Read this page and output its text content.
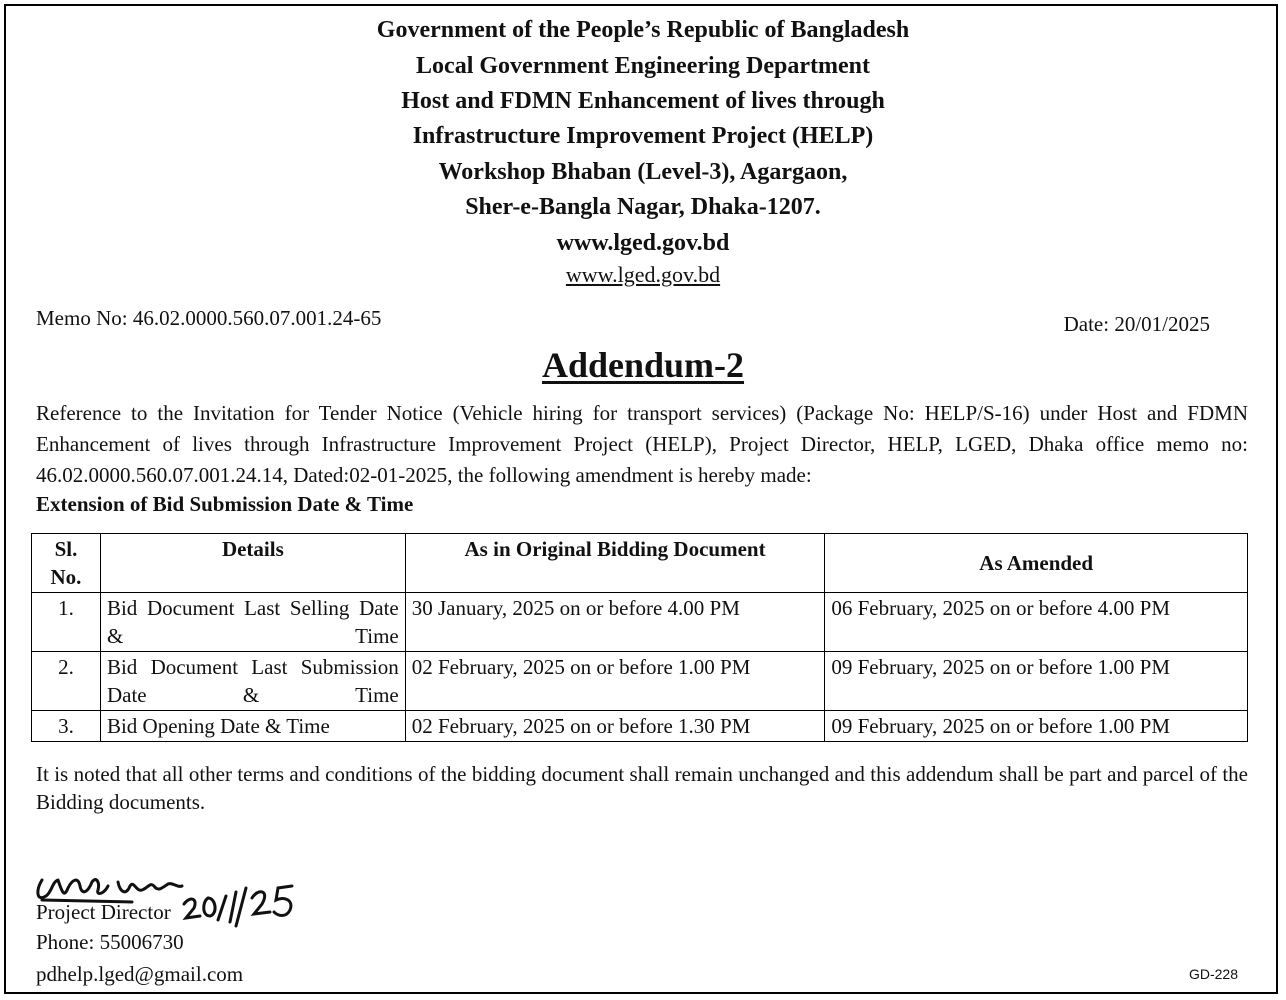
Government of the People’s Republic of Bangladesh
Local Government Engineering Department
Host and FDMN Enhancement of lives through
Infrastructure Improvement Project (HELP)
Workshop Bhaban (Level-3), Agargaon,
Sher-e-Bangla Nagar, Dhaka-1207.
www.lged.gov.bd
www.lged.gov.bd
Memo No: 46.02.0000.560.07.001.24-65	Date: 20/01/2025
Addendum-2
Reference to the Invitation for Tender Notice (Vehicle hiring for transport services) (Package No: HELP/S-16) under Host and FDMN Enhancement of lives through Infrastructure Improvement Project (HELP), Project Director, HELP, LGED, Dhaka office memo no: 46.02.0000.560.07.001.24.14, Dated:02-01-2025, the following amendment is hereby made:
Extension of Bid Submission Date & Time
Sl. No.	Details	As in Original Bidding Document	As Amended
1.	Bid Document Last Selling Date & Time	30 January, 2025 on or before 4.00 PM	06 February, 2025 on or before 4.00 PM
2.	Bid Document Last Submission Date & Time	02 February, 2025 on or before 1.00 PM	09 February, 2025 on or before 1.00 PM
3.	Bid Opening Date & Time	02 February, 2025 on or before 1.30 PM	09 February, 2025 on or before 1.00 PM
It is noted that all other terms and conditions of the bidding document shall remain unchanged and this addendum shall be part and parcel of the Bidding documents.
Project Director
Phone: 55006730
pdhelp.lged@gmail.com	GD-228
